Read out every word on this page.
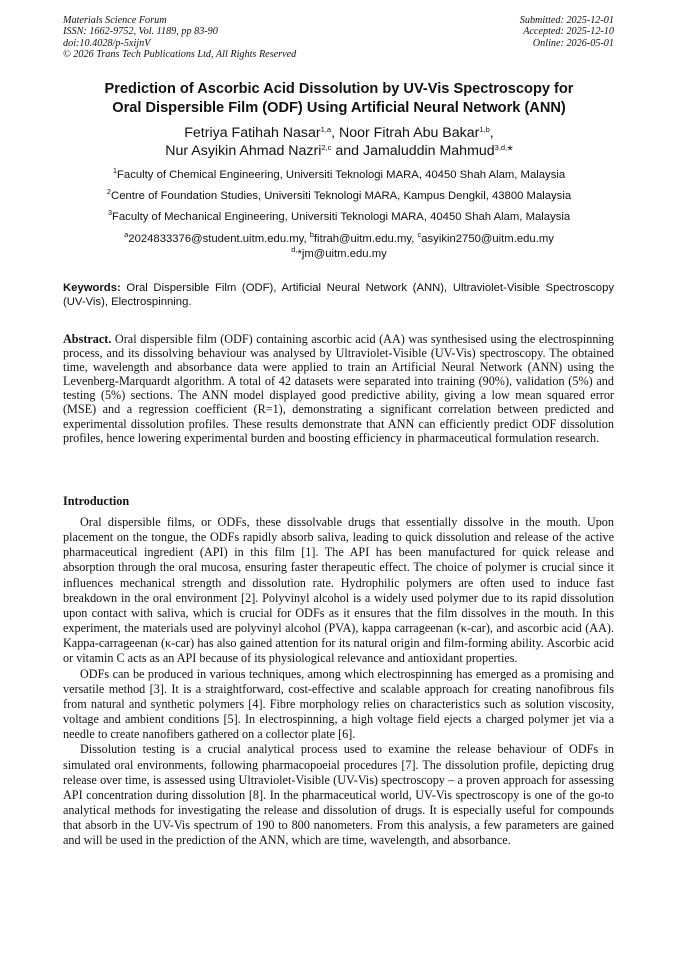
Materials Science Forum
ISSN: 1662-9752, Vol. 1189, pp 83-90
doi:10.4028/p-5xijnV
© 2026 Trans Tech Publications Ltd, All Rights Reserved
Submitted: 2025-12-01
Accepted: 2025-12-10
Online: 2026-05-01
Prediction of Ascorbic Acid Dissolution by UV-Vis Spectroscopy for
Oral Dispersible Film (ODF) Using Artificial Neural Network (ANN)
Fetriya Fatihah Nasar$^{1,a}$, Noor Fitrah Abu Bakar$^{1,b}$,
Nur Asyikin Ahmad Nazri$^{2,c}$ and Jamaluddin Mahmud$^{3,d,}$*
$^1$Faculty of Chemical Engineering, Universiti Teknologi MARA, 40450 Shah Alam, Malaysia
$^2$Centre of Foundation Studies, Universiti Teknologi MARA, Kampus Dengkil, 43800 Malaysia
$^3$Faculty of Mechanical Engineering, Universiti Teknologi MARA, 40450 Shah Alam, Malaysia
$^a$2024833376@student.uitm.edu.my, $^b$fitrah@uitm.edu.my, $^c$asyikin2750@uitm.edu.my
$^{d,}$*jm@uitm.edu.my
Keywords: Oral Dispersible Film (ODF), Artificial Neural Network (ANN), Ultraviolet-Visible Spectroscopy (UV-Vis), Electrospinning.
Abstract. Oral dispersible film (ODF) containing ascorbic acid (AA) was synthesised using the electrospinning process, and its dissolving behaviour was analysed by Ultraviolet-Visible (UV-Vis) spectroscopy. The obtained time, wavelength and absorbance data were applied to train an Artificial Neural Network (ANN) using the Levenberg-Marquardt algorithm. A total of 42 datasets were separated into training (90%), validation (5%) and testing (5%) sections. The ANN model displayed good predictive ability, giving a low mean squared error (MSE) and a regression coefficient (R=1), demonstrating a significant correlation between predicted and experimental dissolution profiles. These results demonstrate that ANN can efficiently predict ODF dissolution profiles, hence lowering experimental burden and boosting efficiency in pharmaceutical formulation research.
Introduction

Oral dispersible films, or ODFs, these dissolvable drugs that essentially dissolve in the mouth. Upon placement on the tongue, the ODFs rapidly absorb saliva, leading to quick dissolution and release of the active pharmaceutical ingredient (API) in this film [1]. The API has been manufactured for quick release and absorption through the oral mucosa, ensuring faster therapeutic effect. The choice of polymer is crucial since it influences mechanical strength and dissolution rate. Hydrophilic polymers are often used to induce fast breakdown in the oral environment [2]. Polyvinyl alcohol is a widely used polymer due to its rapid dissolution upon contact with saliva, which is crucial for ODFs as it ensures that the film dissolves in the mouth. In this experiment, the materials used are polyvinyl alcohol (PVA), kappa carrageenan (κ-car), and ascorbic acid (AA). Kappa-carrageenan (κ-car) has also gained attention for its natural origin and film-forming ability. Ascorbic acid or vitamin C acts as an API because of its physiological relevance and antioxidant properties.

ODFs can be produced in various techniques, among which electrospinning has emerged as a promising and versatile method [3]. It is a straightforward, cost-effective and scalable approach for creating nanofibrous fils from natural and synthetic polymers [4]. Fibre morphology relies on characteristics such as solution viscosity, voltage and ambient conditions [5]. In electrospinning, a high voltage field ejects a charged polymer jet via a needle to create nanofibers gathered on a collector plate [6].

Dissolution testing is a crucial analytical process used to examine the release behaviour of ODFs in simulated oral environments, following pharmacopoeial procedures [7]. The dissolution profile, depicting drug release over time, is assessed using Ultraviolet-Visible (UV-Vis) spectroscopy – a proven approach for assessing API concentration during dissolution [8]. In the pharmaceutical world, UV-Vis spectroscopy is one of the go-to analytical methods for investigating the release and dissolution of drugs. It is especially useful for compounds that absorb in the UV-Vis spectrum of 190 to 800 nanometers. From this analysis, a few parameters are gained and will be used in the prediction of the ANN, which are time, wavelength, and absorbance.
